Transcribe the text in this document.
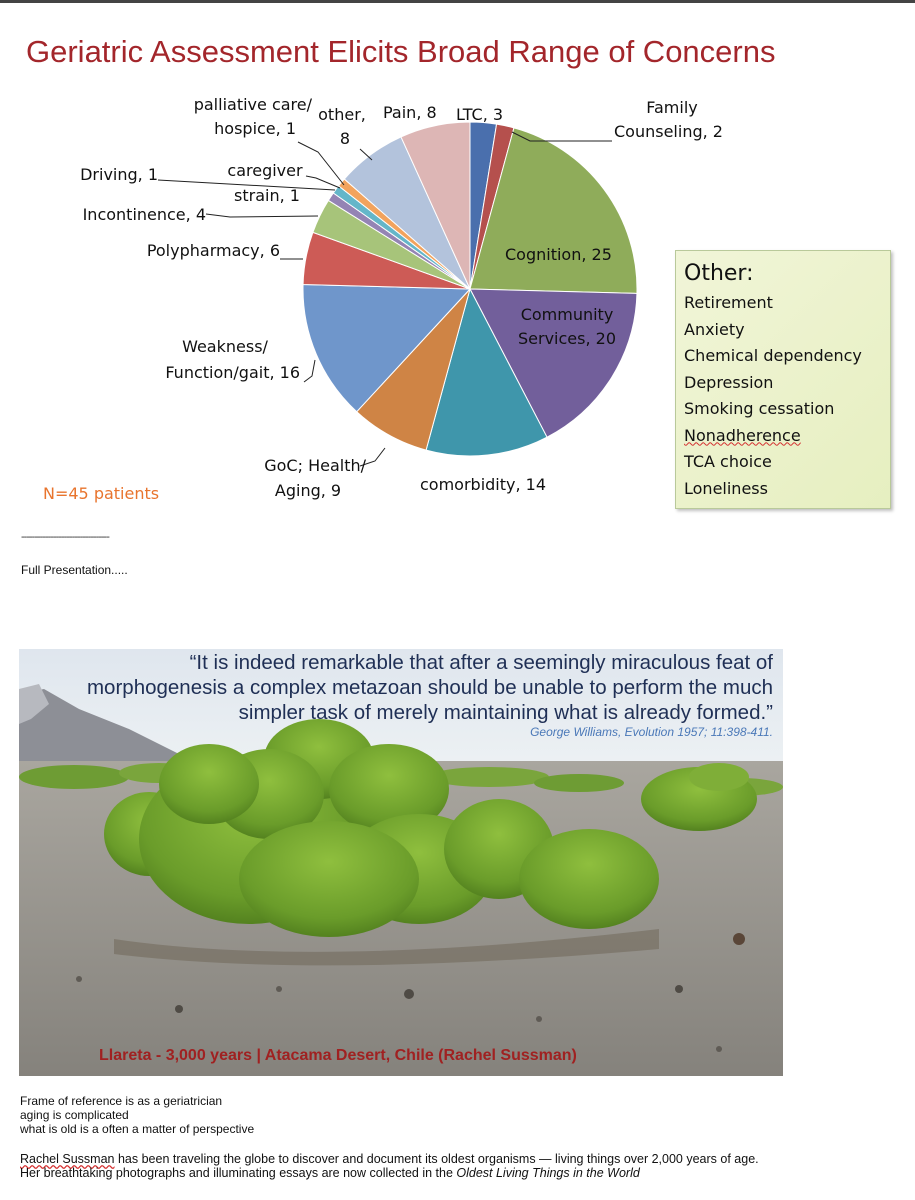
Geriatric Assessment Elicits Broad Range of Concerns
LTC, 3	Family
Counseling, 2
Cognition, 25
Community
Services, 20
comorbidity, 14
GoC; Health/
Aging, 9
Weakness/
Function/gait, 16
Polypharmacy, 6
Incontinence, 4
Driving, 1	caregiver
strain, 1
palliative care/
hospice, 1
other,
8
Pain, 8
N=45 patients
Other:
Retirement
Anxiety
Chemical dependency
Depression
Smoking cessation
Nonadherence
TCA choice
Loneliness
---------------------------------
Full Presentation.....
“It is indeed remarkable that after a seemingly miraculous feat of
morphogenesis a complex metazoan should be unable to perform the much
simpler task of merely maintaining what is already formed.”
George Williams, Evolution 1957; 11:398-411.
Llareta - 3,000 years | Atacama Desert, Chile (Rachel Sussman)
Frame of reference is as a geriatrician
aging is complicated
what is old is a often a matter of perspective
Rachel Sussman has been traveling the globe to discover and document its oldest organisms — living things over 2,000 years of age.
Her breathtaking photographs and illuminating essays are now collected in the Oldest Living Things in the World
